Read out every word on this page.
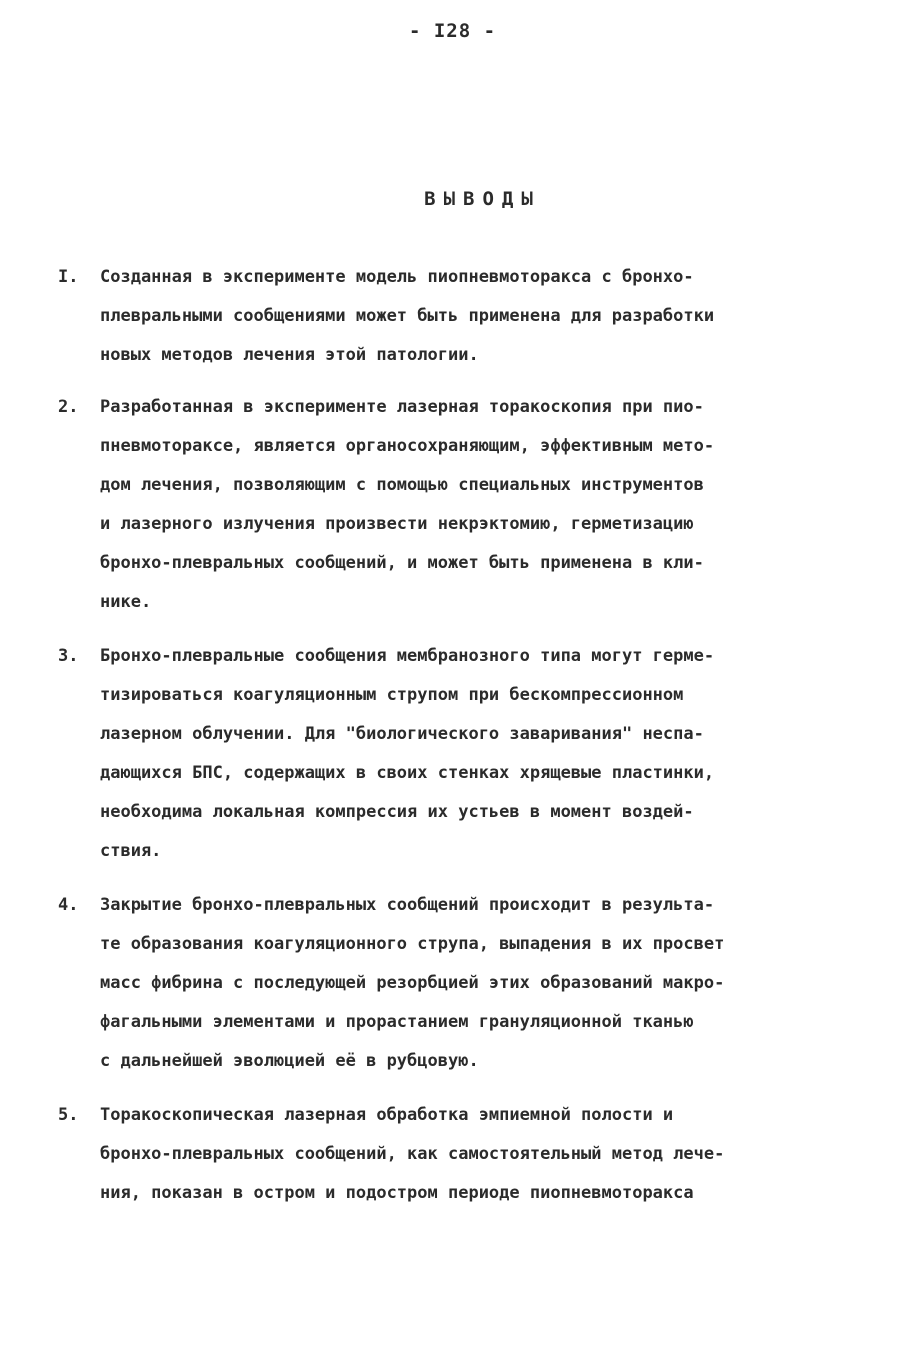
- I28 -
ВЫВОДЫ
I. Созданная в эксперименте модель пиопневмоторакса с бронхо-
плевральными сообщениями может быть применена для разработки
новых методов лечения этой патологии.
2. Разработанная в эксперименте лазерная торакоскопия при пио-
пневмотораксе, является органосохраняющим, эффективным мето-
дом лечения, позволяющим с помощью специальных инструментов
и лазерного излучения произвести некрэктомию, герметизацию
бронхо-плевральных сообщений, и может быть применена в кли-
нике.
3. Бронхо-плевральные сообщения мембранозного типа могут герме-
тизироваться коагуляционным струпом при бескомпрессионном
лазерном облучении. Для "биологического заваривания" неспа-
дающихся БПС, содержащих в своих стенках хрящевые пластинки,
необходима локальная компрессия их устьев в момент воздей-
ствия.
4. Закрытие бронхо-плевральных сообщений происходит в результа-
те образования коагуляционного струпа, выпадения в их просвет
масс фибрина с последующей резорбцией этих образований макро-
фагальными элементами и прорастанием грануляционной тканью
с дальнейшей эволюцией её в рубцовую.
5. Торакоскопическая лазерная обработка эмпиемной полости и
бронхо-плевральных сообщений, как самостоятельный метод лече-
ния, показан в остром и подостром периоде пиопневмоторакса
